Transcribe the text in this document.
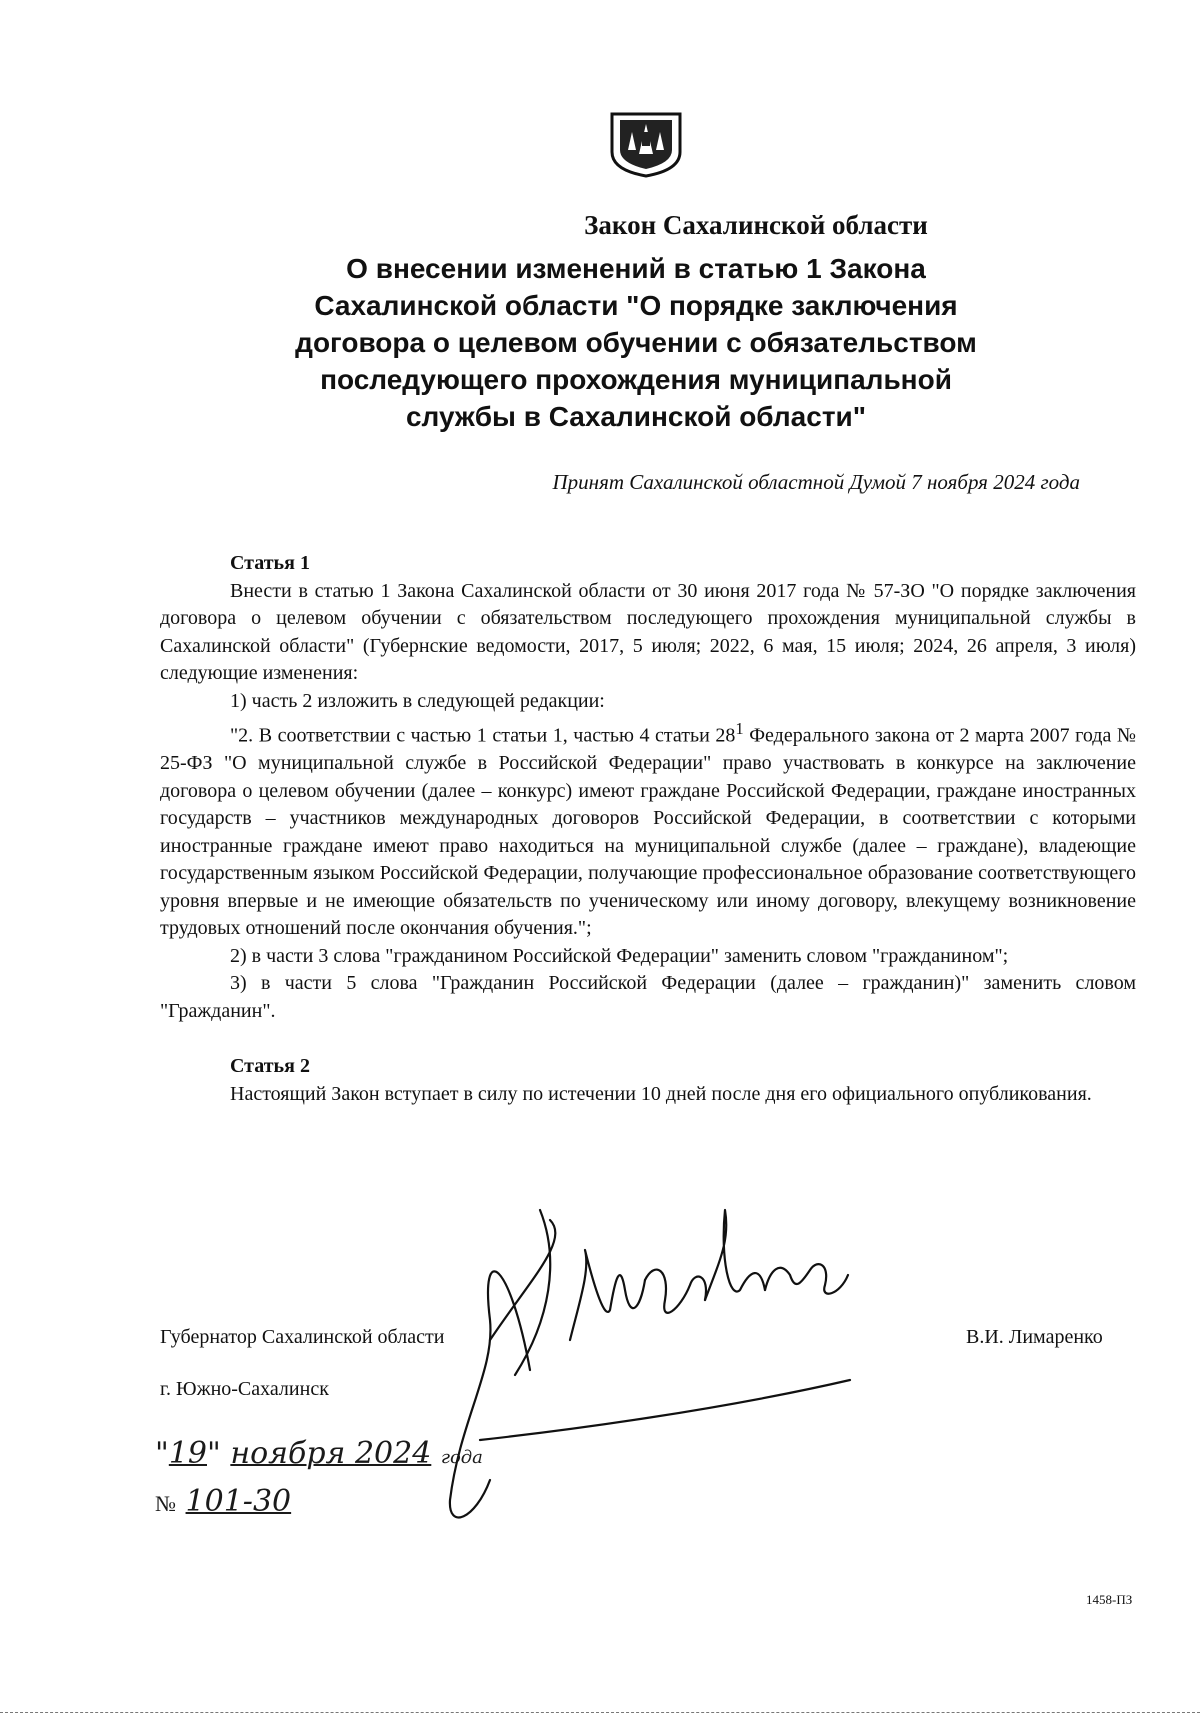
Закон Сахалинской области
О внесении изменений в статью 1 Закона
Сахалинской области "О порядке заключения
договора о целевом обучении с обязательством
последующего прохождения муниципальной
службы в Сахалинской области"
Принят Сахалинской областной Думой 7 ноября 2024 года
Статья 1

Внести в статью 1 Закона Сахалинской области от 30 июня 2017 года № 57-ЗО "О порядке заключения договора о целевом обучении с обязательством последующего прохождения муниципальной службы в Сахалинской области" (Губернские ведомости, 2017, 5 июля; 2022, 6 мая, 15 июля; 2024, 26 апреля, 3 июля) следующие изменения:

1) часть 2 изложить в следующей редакции:

"2. В соответствии с частью 1 статьи 1, частью 4 статьи $28^1$ Федерального закона от 2 марта 2007 года № 25-ФЗ "О муниципальной службе в Российской Федерации" право участвовать в конкурсе на заключение договора о целевом обучении (далее – конкурс) имеют граждане Российской Федерации, граждане иностранных государств – участников международных договоров Российской Федерации, в соответствии с которыми иностранные граждане имеют право находиться на муниципальной службе (далее – граждане), владеющие государственным языком Российской Федерации, получающие профессиональное образование соответствующего уровня впервые и не имеющие обязательств по ученическому или иному договору, влекущему возникновение трудовых отношений после окончания обучения.";

2) в части 3 слова "гражданином Российской Федерации" заменить словом "гражданином";

3) в части 5 слова "Гражданин Российской Федерации (далее – гражданин)" заменить словом "Гражданин".

Статья 2

Настоящий Закон вступает в силу по истечении 10 дней после дня его официального опубликования.

Губернатор Сахалинской области	В.И. Лимаренко
г. Южно-Сахалинск
"19" ноября 2024 года
№ 101-30
1458-ПЗ
